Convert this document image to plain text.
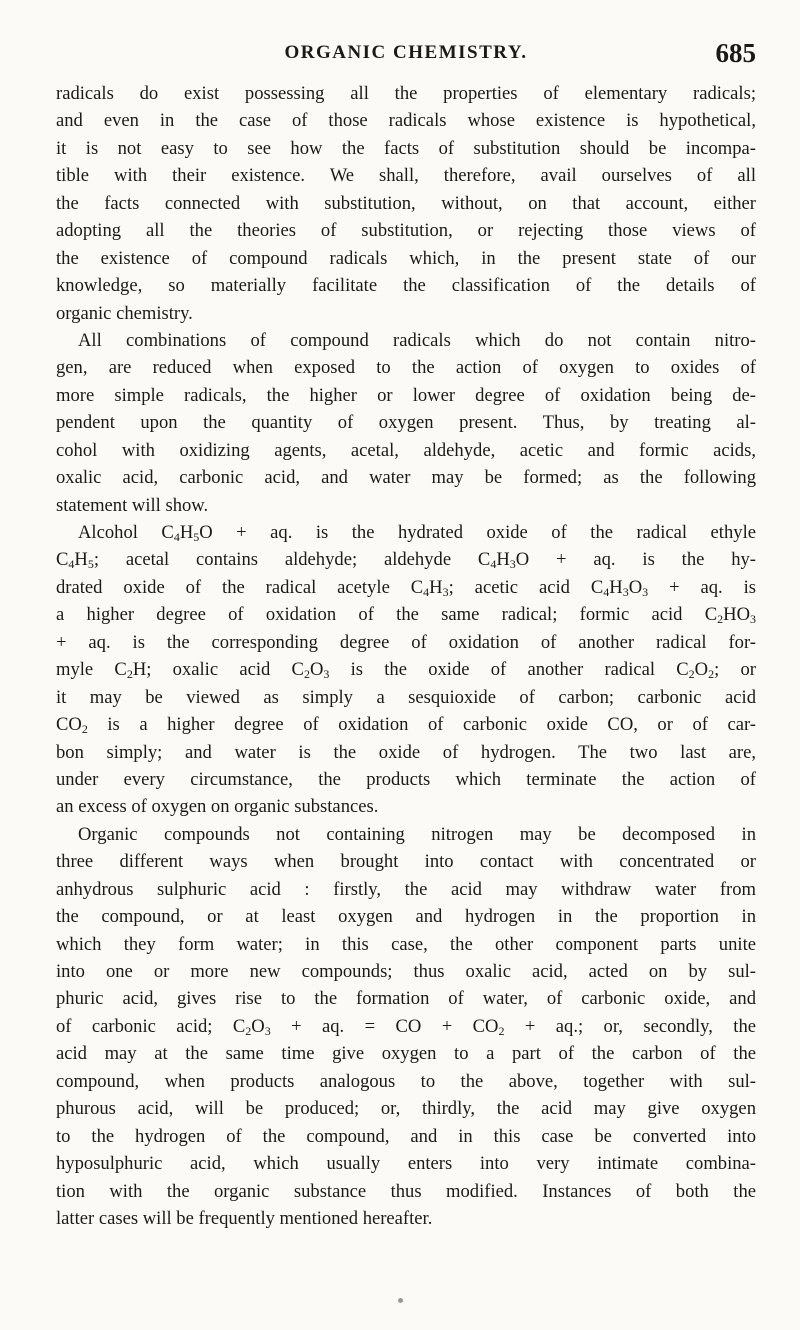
ORGANIC CHEMISTRY.	685
radicals do exist possessing all the properties of elementary radicals;
and even in the case of those radicals whose existence is hypothetical,
it is not easy to see how the facts of substitution should be incompa-
tible with their existence. We shall, therefore, avail ourselves of all
the facts connected with substitution, without, on that account, either
adopting all the theories of substitution, or rejecting those views of
the existence of compound radicals which, in the present state of our
knowledge, so materially facilitate the classification of the details of
organic chemistry.
All combinations of compound radicals which do not contain nitro-
gen, are reduced when exposed to the action of oxygen to oxides of
more simple radicals, the higher or lower degree of oxidation being de-
pendent upon the quantity of oxygen present. Thus, by treating al-
cohol with oxidizing agents, acetal, aldehyde, acetic and formic acids,
oxalic acid, carbonic acid, and water may be formed; as the following
statement will show.
Alcohol $C_4H_5O$ + aq. is the hydrated oxide of the radical ethyle
$C_4H_5$; acetal contains aldehyde; aldehyde $C_4H_3O$ + aq. is the hy-
drated oxide of the radical acetyle $C_4H_3$; acetic acid $C_4H_3O_3$ + aq. is
a higher degree of oxidation of the same radical; formic acid $C_2HO_3$
+ aq. is the corresponding degree of oxidation of another radical for-
myle $C_2H$; oxalic acid $C_2O_3$ is the oxide of another radical $C_2O_2$; or
it may be viewed as simply a sesquioxide of carbon; carbonic acid
$CO_2$ is a higher degree of oxidation of carbonic oxide CO, or of car-
bon simply; and water is the oxide of hydrogen. The two last are,
under every circumstance, the products which terminate the action of
an excess of oxygen on organic substances.
Organic compounds not containing nitrogen may be decomposed in
three different ways when brought into contact with concentrated or
anhydrous sulphuric acid : firstly, the acid may withdraw water from
the compound, or at least oxygen and hydrogen in the proportion in
which they form water; in this case, the other component parts unite
into one or more new compounds; thus oxalic acid, acted on by sul-
phuric acid, gives rise to the formation of water, of carbonic oxide, and
of carbonic acid; $C_2O_3$ + aq. = CO + $CO_2$ + aq.; or, secondly, the
acid may at the same time give oxygen to a part of the carbon of the
compound, when products analogous to the above, together with sul-
phurous acid, will be produced; or, thirdly, the acid may give oxygen
to the hydrogen of the compound, and in this case be converted into
hyposulphuric acid, which usually enters into very intimate combina-
tion with the organic substance thus modified. Instances of both the
latter cases will be frequently mentioned hereafter.
